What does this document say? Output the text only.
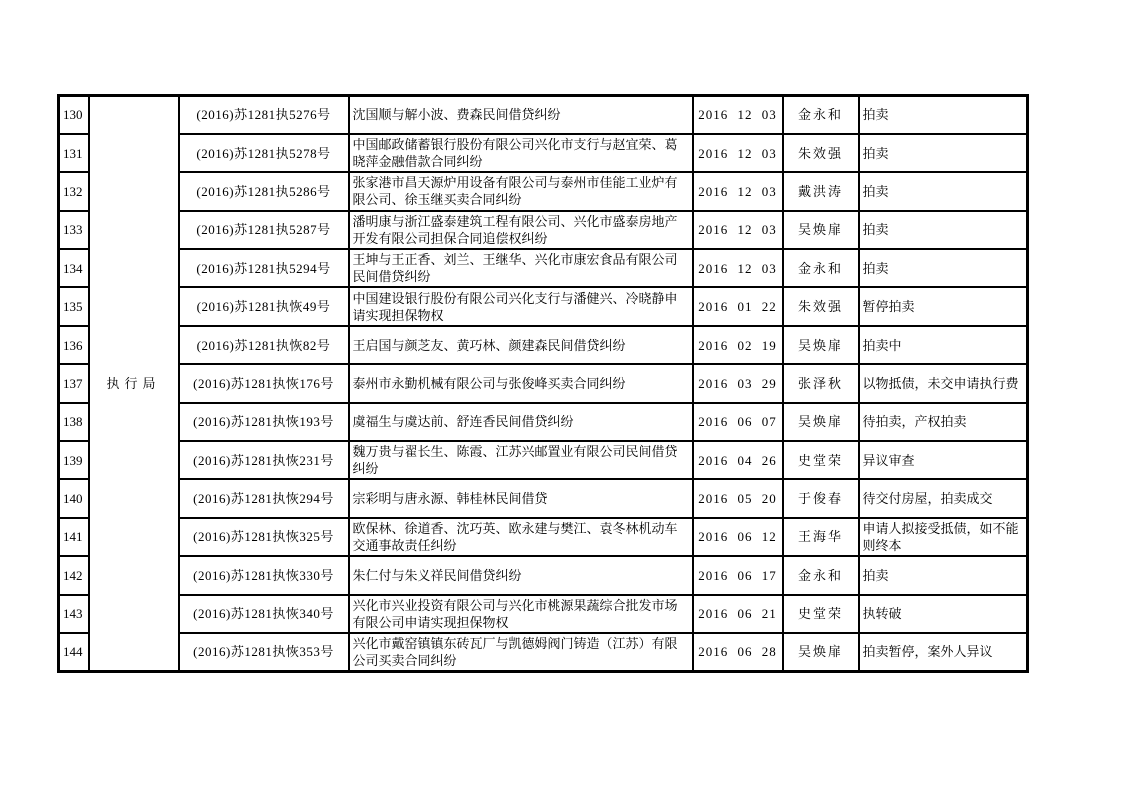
130	执行局	(2016)苏1281执5276号	沈国顺与解小波、费森民间借贷纠纷	2016 12 03	金永和	拍卖
131		(2016)苏1281执5278号	中国邮政储蓄银行股份有限公司兴化市支行与赵宜荣、葛晓萍金融借款合同纠纷	2016 12 03	朱效强	拍卖
132		(2016)苏1281执5286号	张家港市昌天源炉用设备有限公司与泰州市佳能工业炉有限公司、徐玉继买卖合同纠纷	2016 12 03	戴洪涛	拍卖
133		(2016)苏1281执5287号	潘明康与浙江盛泰建筑工程有限公司、兴化市盛泰房地产开发有限公司担保合同追偿权纠纷	2016 12 03	吴焕扉	拍卖
134		(2016)苏1281执5294号	王坤与王正香、刘兰、王继华、兴化市康宏食品有限公司民间借贷纠纷	2016 12 03	金永和	拍卖
135		(2016)苏1281执恢49号	中国建设银行股份有限公司兴化支行与潘健兴、冷晓静申请实现担保物权	2016 01 22	朱效强	暂停拍卖
136		(2016)苏1281执恢82号	王启国与颜芝友、黄巧林、颜建森民间借贷纠纷	2016 02 19	吴焕扉	拍卖中
137		(2016)苏1281执恢176号	泰州市永勤机械有限公司与张俊峰买卖合同纠纷	2016 03 29	张泽秋	以物抵债，未交申请执行费
138		(2016)苏1281执恢193号	虞福生与虞达前、舒连香民间借贷纠纷	2016 06 07	吴焕扉	待拍卖，产权拍卖
139		(2016)苏1281执恢231号	魏万贵与翟长生、陈霞、江苏兴邮置业有限公司民间借贷纠纷	2016 04 26	史堂荣	异议审查
140		(2016)苏1281执恢294号	宗彩明与唐永源、韩桂林民间借贷	2016 05 20	于俊春	待交付房屋，拍卖成交
141		(2016)苏1281执恢325号	欧保林、徐道香、沈巧英、欧永建与樊江、袁冬林机动车交通事故责任纠纷	2016 06 12	王海华	申请人拟接受抵债，如不能则终本
142		(2016)苏1281执恢330号	朱仁付与朱义祥民间借贷纠纷	2016 06 17	金永和	拍卖
143		(2016)苏1281执恢340号	兴化市兴业投资有限公司与兴化市桃源果蔬综合批发市场有限公司申请实现担保物权	2016 06 21	史堂荣	执转破
144		(2016)苏1281执恢353号	兴化市戴窑镇镇东砖瓦厂与凯德姆阀门铸造（江苏）有限公司买卖合同纠纷	2016 06 28	吴焕扉	拍卖暂停，案外人异议
